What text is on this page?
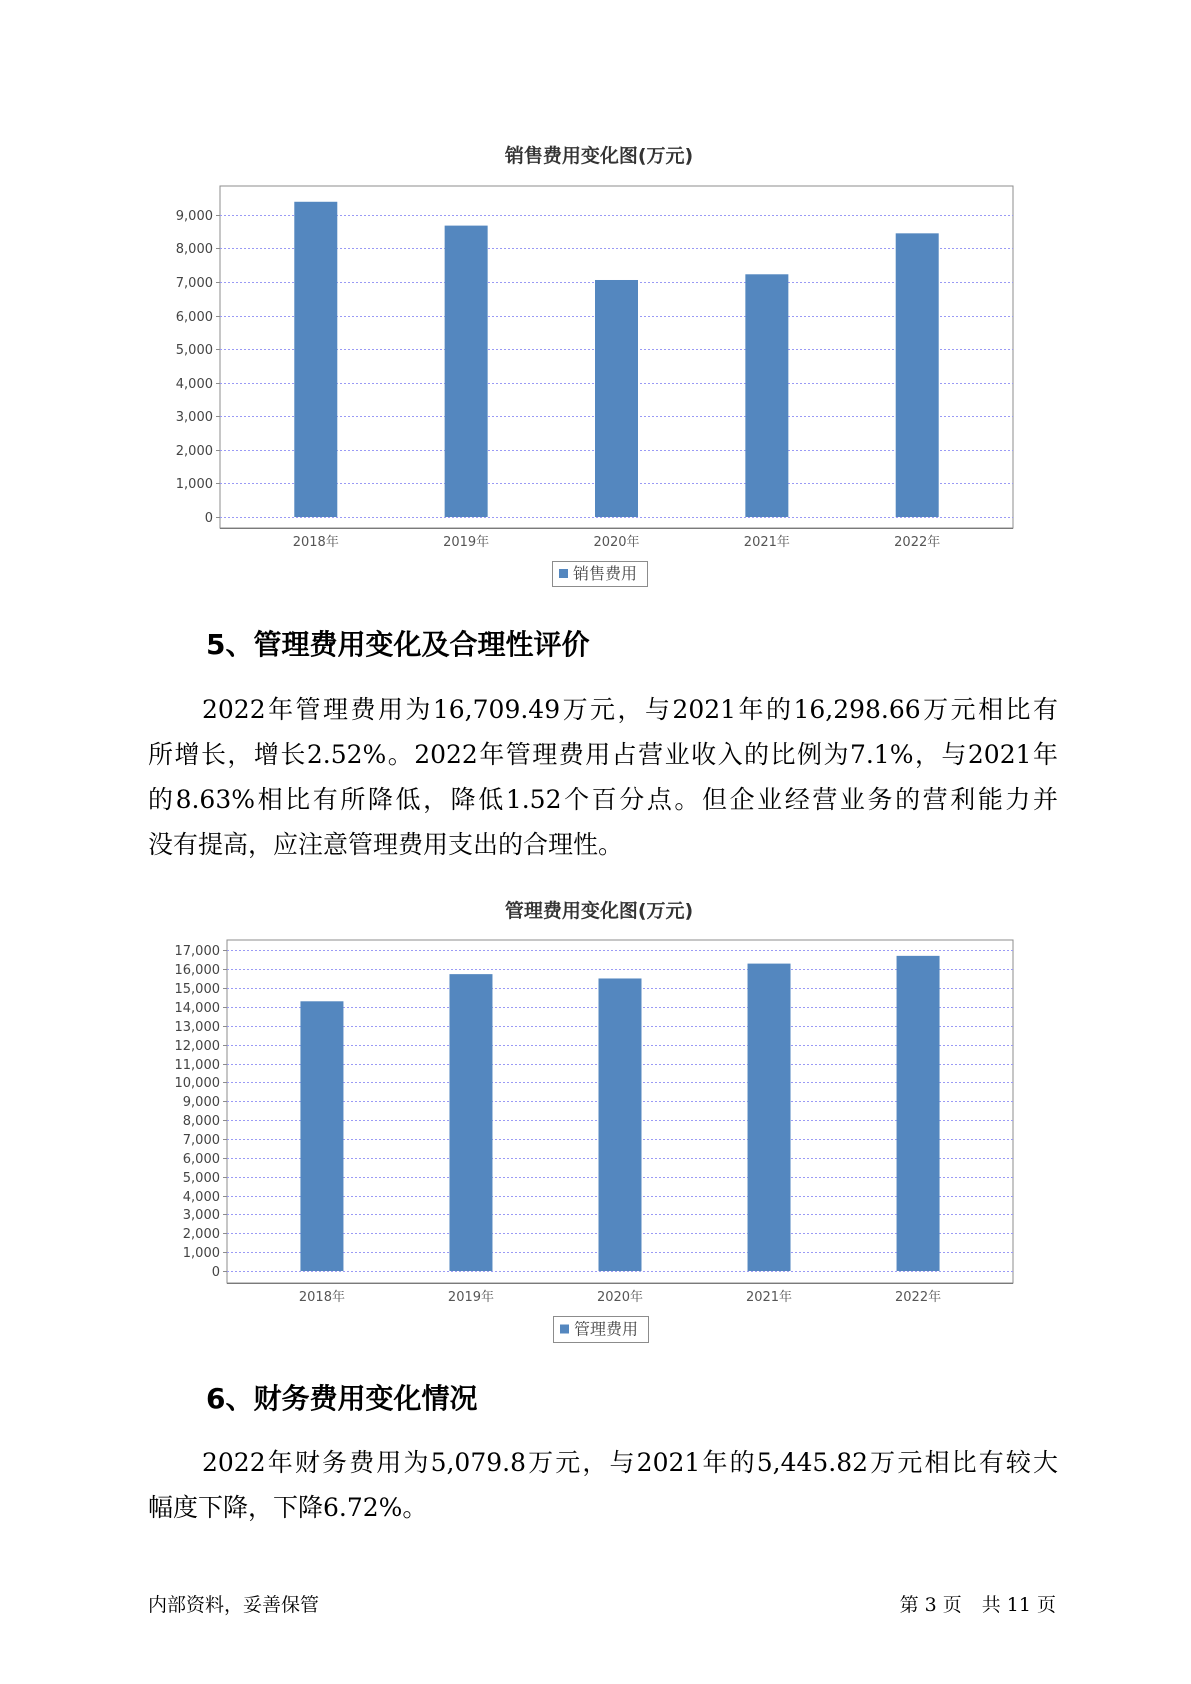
销售费用变化图(万元)
0
1,000
2,000
3,000
4,000
5,000
6,000
7,000
8,000
9,000
2018年	2019年	2020年	2021年	2022年
销售费用
5、管理费用变化及合理性评价
2022年管理费用为16,709.49万元，与2021年的16,298.66万元相比有
所增长，增长2.52%。2022年管理费用占营业收入的比例为7.1%，与2021年
的8.63%相比有所降低，降低1.52个百分点。但企业经营业务的营利能力并
没有提高，应注意管理费用支出的合理性。
管理费用变化图(万元)
0
1,000
2,000
3,000
4,000
5,000
6,000
7,000
8,000
9,000
10,000
11,000
12,000
13,000
14,000
15,000
16,000
17,000
2018年	2019年	2020年	2021年	2022年
管理费用
6、财务费用变化情况
2022年财务费用为5,079.8万元，与2021年的5,445.82万元相比有较大
幅度下降，下降6.72%。
内部资料，妥善保管	第 3 页 共 11 页
